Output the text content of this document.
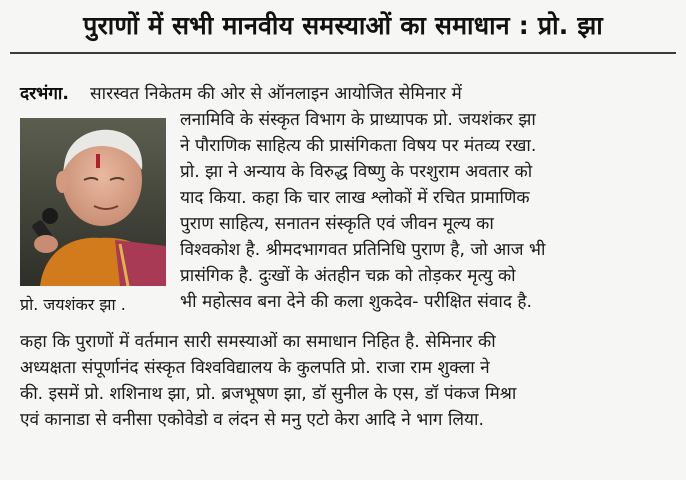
पुराणों में सभी मानवीय समस्याओं का समाधान : प्रो. झा
दरभंगा. सारस्वत निकेतम की ओर से ऑनलाइन आयोजित सेमिनार में
लनामिवि के संस्कृत विभाग के प्राध्यापक प्रो. जयशंकर झा
ने पौराणिक साहित्य की प्रासंगिकता विषय पर मंतव्य रखा.
प्रो. झा ने अन्याय के विरुद्ध विष्णु के परशुराम अवतार को
याद किया. कहा कि चार लाख श्लोकों में रचित प्रामाणिक
पुराण साहित्य, सनातन संस्कृति एवं जीवन मूल्य का
विश्वकोश है. श्रीमदभागवत प्रतिनिधि पुराण है, जो आज भी
प्रासंगिक है. दुःखों के अंतहीन चक्र को तोड़कर मृत्यु को
भी महोत्सव बना देने की कला शुकदेव- परीक्षित संवाद है.
कहा कि पुराणों में वर्तमान सारी समस्याओं का समाधान निहित है. सेमिनार की
अध्यक्षता संपूर्णानंद संस्कृत विश्वविद्यालय के कुलपति प्रो. राजा राम शुक्ला ने
की. इसमें प्रो. शशिनाथ झा, प्रो. ब्रजभूषण झा, डॉ सुनील के एस, डॉ पंकज मिश्रा
एवं कानाडा से वनीसा एकोवेडो व लंदन से मनु एटो केरा आदि ने भाग लिया.
प्रो. जयशंकर झा .
